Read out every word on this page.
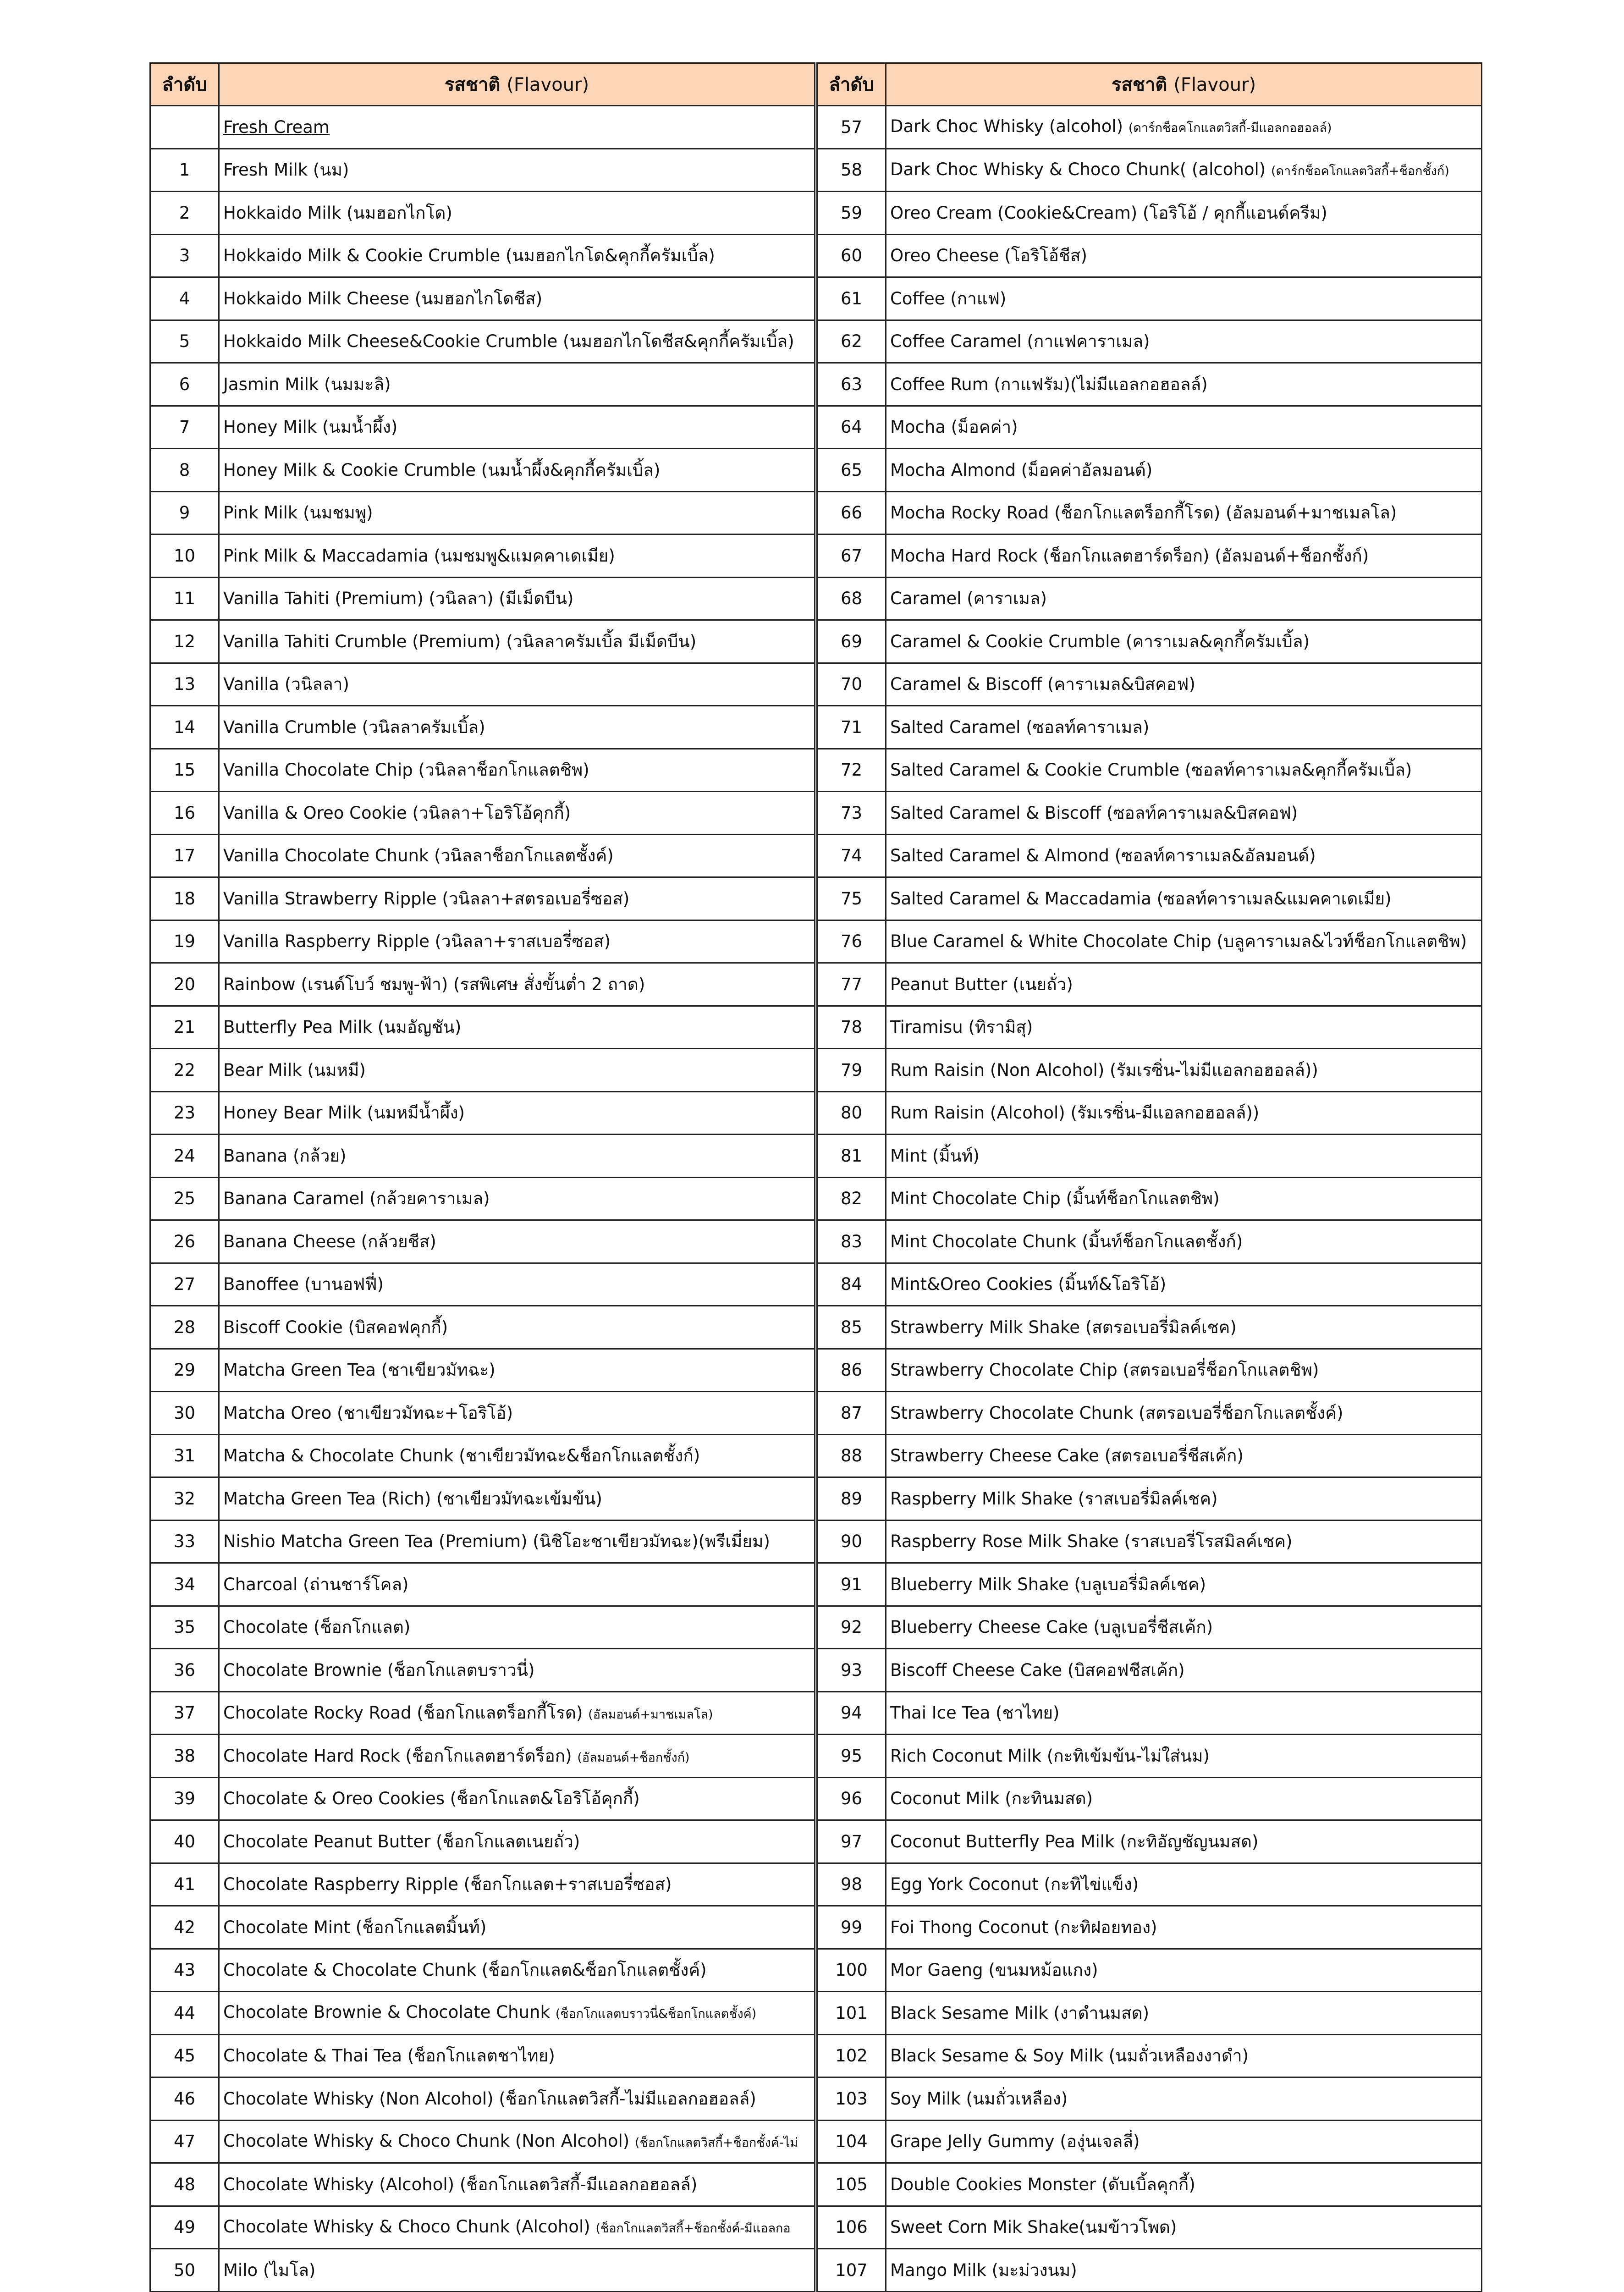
ลำดับ	รสชาติ (Flavour)
	Fresh Cream
1	Fresh Milk (นม)
2	Hokkaido Milk (นมฮอกไกโด)
3	Hokkaido Milk & Cookie Crumble (นมฮอกไกโด&คุกกี้ครัมเบิ้ล)
4	Hokkaido Milk Cheese (นมฮอกไกโดชีส)
5	Hokkaido Milk Cheese&Cookie Crumble (นมฮอกไกโดชีส&คุกกี้ครัมเบิ้ล)
6	Jasmin Milk (นมมะลิ)
7	Honey Milk (นมน้ำผึ้ง)
8	Honey Milk & Cookie Crumble (นมน้ำผึ้ง&คุกกี้ครัมเบิ้ล)
9	Pink Milk (นมชมพู)
10	Pink Milk & Maccadamia (นมชมพู&แมคคาเดเมีย)
11	Vanilla Tahiti (Premium) (วนิลลา) (มีเม็ดบีน)
12	Vanilla Tahiti Crumble (Premium) (วนิลลาครัมเบิ้ล มีเม็ดบีน)
13	Vanilla (วนิลลา)
14	Vanilla Crumble (วนิลลาครัมเบิ้ล)
15	Vanilla Chocolate Chip (วนิลลาช็อกโกแลตชิพ)
16	Vanilla & Oreo Cookie (วนิลลา+โอริโอ้คุกกี้)
17	Vanilla Chocolate Chunk (วนิลลาช็อกโกแลตชั้งค์)
18	Vanilla Strawberry Ripple (วนิลลา+สตรอเบอรี่ซอส)
19	Vanilla Raspberry Ripple (วนิลลา+ราสเบอรี่ซอส)
20	Rainbow (เรนด์โบว์ ชมพู-ฟ้า) (รสพิเศษ สั่งขั้นต่ำ 2 ถาด)
21	Butterfly Pea Milk (นมอัญชัน)
22	Bear Milk (นมหมี)
23	Honey Bear Milk (นมหมีน้ำผึ้ง)
24	Banana (กล้วย)
25	Banana Caramel (กล้วยคาราเมล)
26	Banana Cheese (กล้วยชีส)
27	Banoffee (บานอฟฟี่)
28	Biscoff Cookie (บิสคอฟคุกกี้)
29	Matcha Green Tea (ชาเขียวมัทฉะ)
30	Matcha Oreo (ชาเขียวมัทฉะ+โอริโอ้)
31	Matcha & Chocolate Chunk (ชาเขียวมัทฉะ&ช็อกโกแลตชั้งก์)
32	Matcha Green Tea (Rich) (ชาเขียวมัทฉะเข้มข้น)
33	Nishio Matcha Green Tea (Premium) (นิชิโอะชาเขียวมัทฉะ)(พรีเมี่ยม)
34	Charcoal (ถ่านชาร์โคล)
35	Chocolate (ช็อกโกแลต)
36	Chocolate Brownie (ช็อกโกแลตบราวนี่)
37	Chocolate Rocky Road (ช็อกโกแลตร็อกกี้โรด) (อัลมอนด์+มาชเมลโล)
38	Chocolate Hard Rock (ช็อกโกแลตฮาร์ดร็อก) (อัลมอนด์+ช็อกชั้งก์)
39	Chocolate & Oreo Cookies (ช็อกโกแลต&โอริโอ้คุกกี้)
40	Chocolate Peanut Butter (ช็อกโกแลตเนยถั่ว)
41	Chocolate Raspberry Ripple (ช็อกโกแลต+ราสเบอรี่ซอส)
42	Chocolate Mint (ช็อกโกแลตมิ้นท์)
43	Chocolate & Chocolate Chunk (ช็อกโกแลต&ช็อกโกแลตชั้งค์)
44	Chocolate Brownie & Chocolate Chunk (ช็อกโกแลตบราวนี่&ช็อกโกแลตชั้งค์)
45	Chocolate & Thai Tea (ช็อกโกแลตชาไทย)
46	Chocolate Whisky (Non Alcohol) (ช็อกโกแลตวิสกี้-ไม่มีแอลกอฮอลล์)
47	Chocolate Whisky & Choco Chunk (Non Alcohol) (ช็อกโกแลตวิสกี้+ช็อกชั้งค์-ไม่
48	Chocolate Whisky (Alcohol) (ช็อกโกแลตวิสกี้-มีแอลกอฮอลล์)
49	Chocolate Whisky & Choco Chunk (Alcohol) (ช็อกโกแลตวิสกี้+ช็อกชั้งค์-มีแอลกอ
50	Milo (ไมโล)

ลำดับ	รสชาติ (Flavour)
57	Dark Choc Whisky (alcohol) (ดาร์กช็อคโกแลตวิสกี้-มีแอลกอฮอลล์)
58	Dark Choc Whisky & Choco Chunk( (alcohol) (ดาร์กช็อคโกแลตวิสกี้+ช็อกชั้งก์)
59	Oreo Cream (Cookie&Cream) (โอริโอ้ / คุกกี้แอนด์ครีม)
60	Oreo Cheese (โอริโอ้ชีส)
61	Coffee (กาแฟ)
62	Coffee Caramel (กาแฟคาราเมล)
63	Coffee Rum (กาแฟรัม)(ไม่มีแอลกอฮอลล์)
64	Mocha (ม็อคค่า)
65	Mocha Almond (ม็อคค่าอัลมอนด์)
66	Mocha Rocky Road (ช็อกโกแลตร็อกกี้โรด) (อัลมอนด์+มาชเมลโล)
67	Mocha Hard Rock (ช็อกโกแลตฮาร์ดร็อก) (อัลมอนด์+ช็อกชั้งก์)
68	Caramel (คาราเมล)
69	Caramel & Cookie Crumble (คาราเมล&คุกกี้ครัมเบิ้ล)
70	Caramel & Biscoff (คาราเมล&บิสคอฟ)
71	Salted Caramel (ซอลท์คาราเมล)
72	Salted Caramel & Cookie Crumble (ซอลท์คาราเมล&คุกกี้ครัมเบิ้ล)
73	Salted Caramel & Biscoff (ซอลท์คาราเมล&บิสคอฟ)
74	Salted Caramel & Almond (ซอลท์คาราเมล&อัลมอนด์)
75	Salted Caramel & Maccadamia (ซอลท์คาราเมล&แมคคาเดเมีย)
76	Blue Caramel & White Chocolate Chip (บลูคาราเมล&ไวท์ช็อกโกแลตชิพ)
77	Peanut Butter (เนยถั่ว)
78	Tiramisu (ทิรามิสุ)
79	Rum Raisin (Non Alcohol) (รัมเรซิ่น-ไม่มีแอลกอฮอลล์))
80	Rum Raisin (Alcohol) (รัมเรซิ่น-มีแอลกอฮอลล์))
81	Mint (มิ้นท์)
82	Mint Chocolate Chip (มิ้นท์ช็อกโกแลตชิพ)
83	Mint Chocolate Chunk (มิ้นท์ช็อกโกแลตชั้งก์)
84	Mint&Oreo Cookies (มิ้นท์&โอริโอ้)
85	Strawberry Milk Shake (สตรอเบอรี่มิลค์เชค)
86	Strawberry Chocolate Chip (สตรอเบอรี่ช็อกโกแลตชิพ)
87	Strawberry Chocolate Chunk (สตรอเบอรี่ช็อกโกแลตชั้งค์)
88	Strawberry Cheese Cake (สตรอเบอรี่ชีสเค้ก)
89	Raspberry Milk Shake (ราสเบอรี่มิลค์เชค)
90	Raspberry Rose Milk Shake (ราสเบอรี่โรสมิลค์เชค)
91	Blueberry Milk Shake (บลูเบอรี่มิลค์เชค)
92	Blueberry Cheese Cake (บลูเบอรี่ชีสเค้ก)
93	Biscoff Cheese Cake (บิสคอฟชีสเค้ก)
94	Thai Ice Tea (ชาไทย)
95	Rich Coconut Milk (กะทิเข้มข้น-ไม่ใส่นม)
96	Coconut Milk (กะทินมสด)
97	Coconut Butterfly Pea Milk (กะทิอัญชัญนมสด)
98	Egg York Coconut (กะทิไข่แข็ง)
99	Foi Thong Coconut (กะทิฝอยทอง)
100	Mor Gaeng (ขนมหม้อแกง)
101	Black Sesame Milk (งาดำนมสด)
102	Black Sesame & Soy Milk (นมถั่วเหลืองงาดำ)
103	Soy Milk (นมถั่วเหลือง)
104	Grape Jelly Gummy (องุ่นเจลลี่)
105	Double Cookies Monster (ดับเบิ้ลคุกกี้)
106	Sweet Corn Mik Shake(นมข้าวโพด)
107	Mango Milk (มะม่วงนม)
